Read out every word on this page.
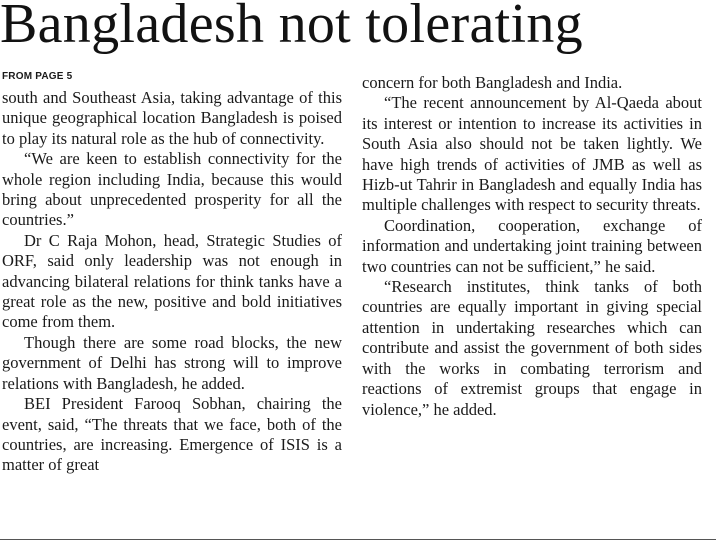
Bangladesh not tolerating
FROM PAGE 5

south and Southeast Asia, taking advantage of this unique geographical location Bangladesh is poised to play its natural role as the hub of connectivity.

“We are keen to establish connectivity for the whole region including India, because this would bring about unprecedented prosperity for all the countries.”

Dr C Raja Mohon, head, Strategic Studies of ORF, said only leadership was not enough in advancing bilateral relations for think tanks have a great role as the new, positive and bold initiatives come from them.

Though there are some road blocks, the new government of Delhi has strong will to improve relations with Bangladesh, he added.

BEI President Farooq Sobhan, chairing the event, said, “The threats that we face, both of the countries, are increasing. Emergence of ISIS is a matter of great

concern for both Bangladesh and India.

“The recent announcement by Al-Qaeda about its interest or intention to increase its activities in South Asia also should not be taken lightly. We have high trends of activities of JMB as well as Hizb-ut Tahrir in Bangladesh and equally India has multiple challenges with respect to security threats.

Coordination, cooperation, exchange of information and undertaking joint training between two countries can not be sufficient,” he said.

“Research institutes, think tanks of both countries are equally important in giving special attention in undertaking researches which can contribute and assist the government of both sides with the works in combating terrorism and reactions of extremist groups that engage in violence,” he added.
